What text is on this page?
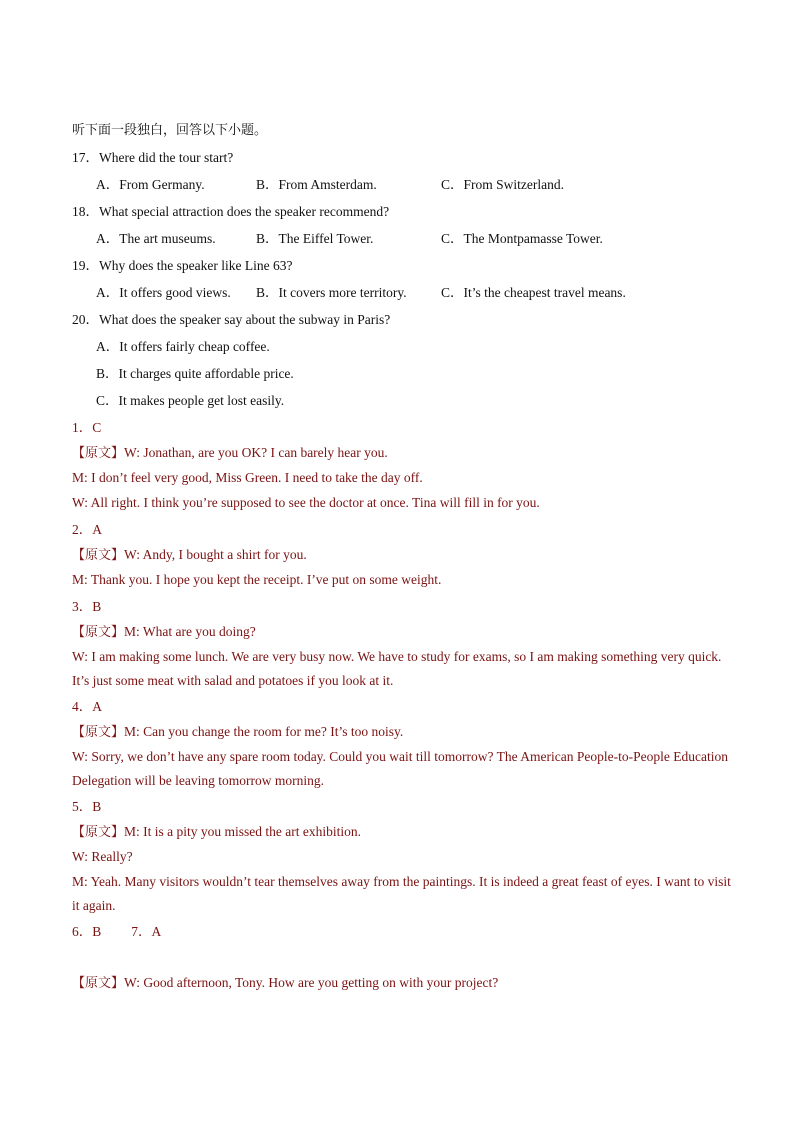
听下面一段独白，回答以下小题。
17．Where did the tour start?
A．From Germany.	B．From Amsterdam.	C．From Switzerland.
18．What special attraction does the speaker recommend?
A．The art museums.	B．The Eiffel Tower.	C．The Montpamasse Tower.
19．Why does the speaker like Line 63?
A．It offers good views. B．It covers more territory.	C．It’s the cheapest travel means.
20．What does the speaker say about the subway in Paris?
A．It offers fairly cheap coffee.
B．It charges quite affordable price.
C．It makes people get lost easily.
1．C
【原文】W: Jonathan, are you OK? I can barely hear you.
M: I don’t feel very good, Miss Green. I need to take the day off.
W: All right. I think you’re supposed to see the doctor at once. Tina will fill in for you.
2．A
【原文】W: Andy, I bought a shirt for you.
M: Thank you. I hope you kept the receipt. I’ve put on some weight.
3．B
【原文】M: What are you doing?
W: I am making some lunch. We are very busy now. We have to study for exams, so I am making something very quick. It’s just some meat with salad and potatoes if you look at it.
4．A
【原文】M: Can you change the room for me? It’s too noisy.
W: Sorry, we don’t have any spare room today. Could you wait till tomorrow? The American People-to-People Education Delegation will be leaving tomorrow morning.
5．B
【原文】M: It is a pity you missed the art exhibition.
W: Really?
M: Yeah. Many visitors wouldn’t tear themselves away from the paintings. It is indeed a great feast of eyes. I want to visit it again.
6．B 7．A
【原文】W: Good afternoon, Tony. How are you getting on with your project?
